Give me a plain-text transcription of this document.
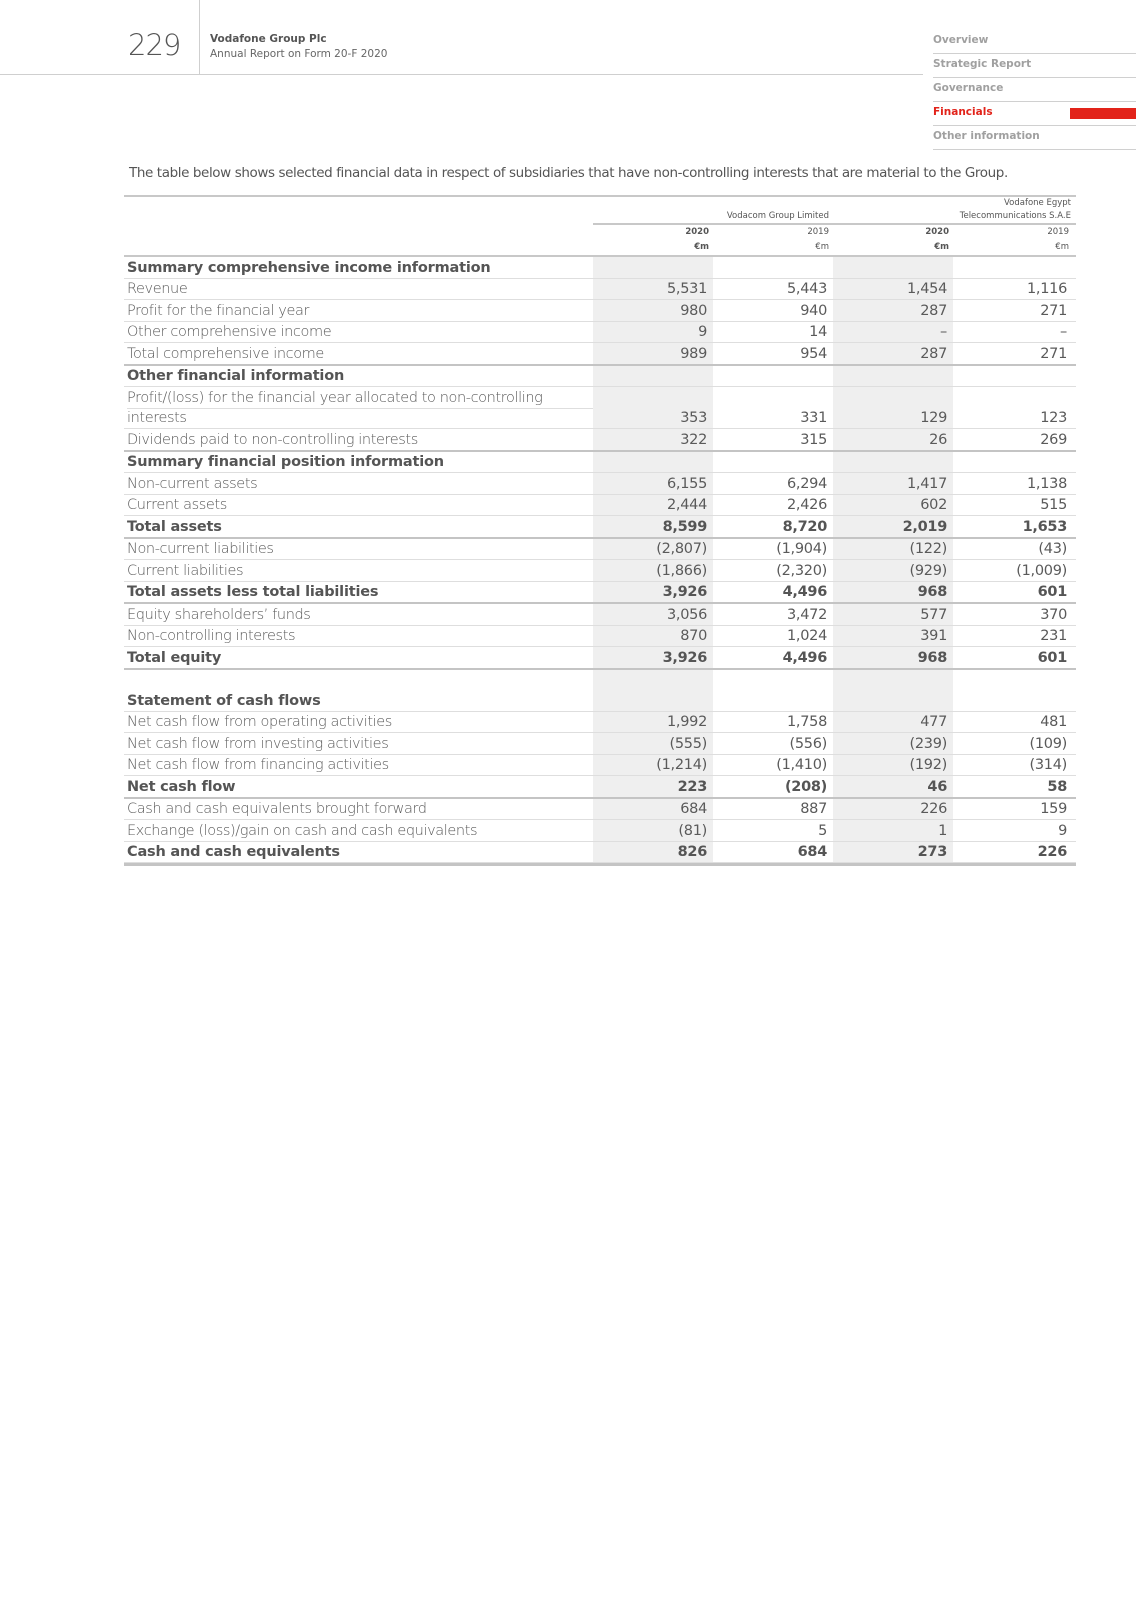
229	Vodafone Group Plc
Annual Report on Form 20-F 2020
Overview
Strategic Report
Governance
Financials
Other information
The table below shows selected financial data in respect of subsidiaries that have non-controlling interests that are material to the Group.
Vodacom Group Limited
Vodafone Egypt
Telecommunications S.A.E
2020	2019	2020	2019
€m	€m	€m	€m
Summary comprehensive income information
Revenue	5,531	5,443	1,454	1,116
Profit for the financial year	980	940	287	271
Other comprehensive income	9	14	–	–
Total comprehensive income	989	954	287	271
Other financial information
Profit/(loss) for the financial year allocated to non-controlling
interests	353	331	129	123
Dividends paid to non-controlling interests	322	315	26	269
Summary financial position information
Non-current assets	6,155	6,294	1,417	1,138
Current assets	2,444	2,426	602	515
Total assets	8,599	8,720	2,019	1,653
Non-current liabilities	(2,807)	(1,904)	(122)	(43)
Current liabilities	(1,866)	(2,320)	(929)	(1,009)
Total assets less total liabilities	3,926	4,496	968	601
Equity shareholders’ funds	3,056	3,472	577	370
Non-controlling interests	870	1,024	391	231
Total equity	3,926	4,496	968	601
Statement of cash flows
Net cash flow from operating activities	1,992	1,758	477	481
Net cash flow from investing activities	(555)	(556)	(239)	(109)
Net cash flow from financing activities	(1,214)	(1,410)	(192)	(314)
Net cash flow	223	(208)	46	58
Cash and cash equivalents brought forward	684	887	226	159
Exchange (loss)/gain on cash and cash equivalents	(81)	5	1	9
Cash and cash equivalents	826	684	273	226
